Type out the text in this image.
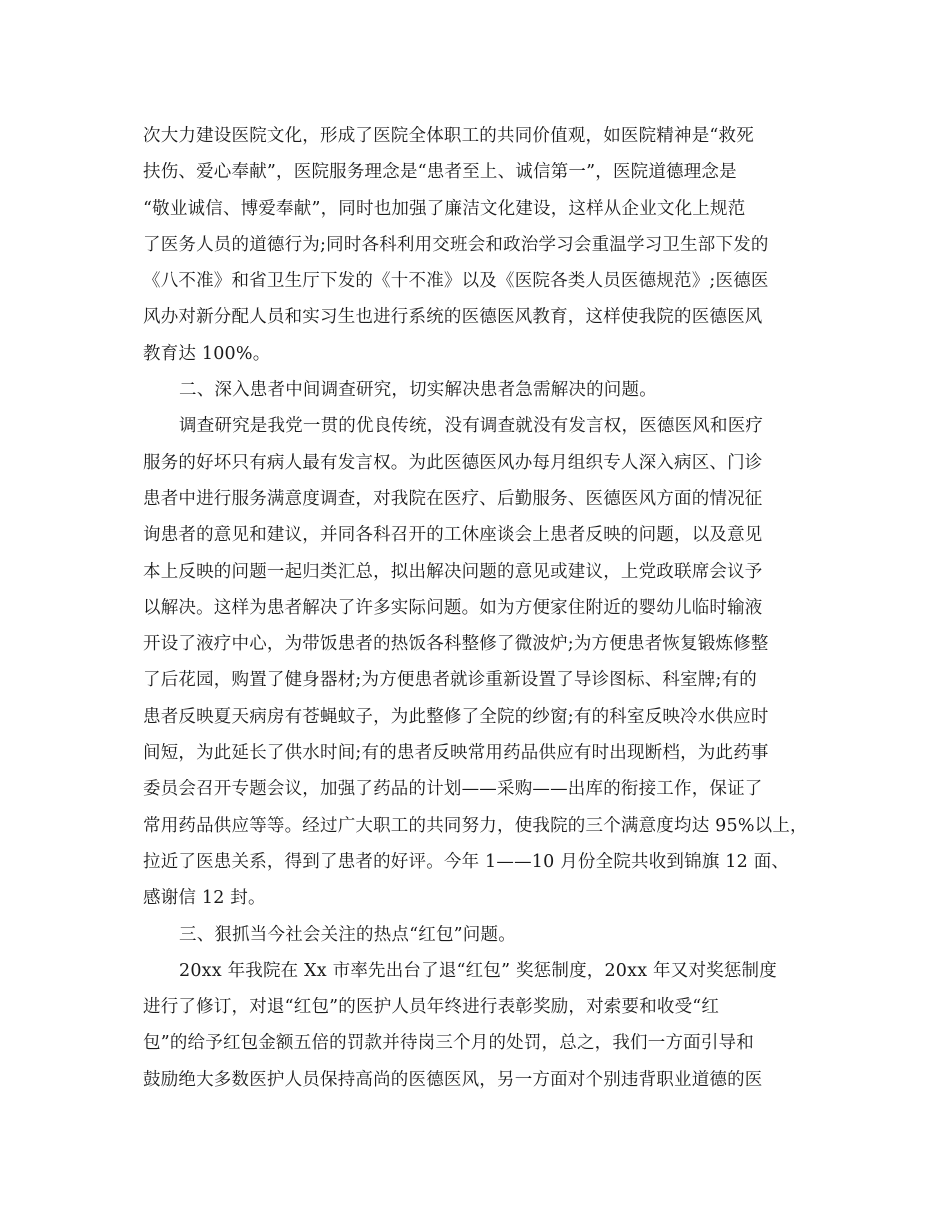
次大力建设医院文化，形成了医院全体职工的共同价值观，如医院精神是“救死
扶伤、爱心奉献”，医院服务理念是“患者至上、诚信第一”，医院道德理念是
“敬业诚信、博爱奉献”，同时也加强了廉洁文化建设，这样从企业文化上规范
了医务人员的道德行为;同时各科利用交班会和政治学习会重温学习卫生部下发的
《八不准》和省卫生厅下发的《十不准》以及《医院各类人员医德规范》;医德医
风办对新分配人员和实习生也进行系统的医德医风教育，这样使我院的医德医风
教育达 100%。
二、深入患者中间调查研究，切实解决患者急需解决的问题。
调查研究是我党一贯的优良传统，没有调查就没有发言权，医德医风和医疗
服务的好坏只有病人最有发言权。为此医德医风办每月组织专人深入病区、门诊
患者中进行服务满意度调查，对我院在医疗、后勤服务、医德医风方面的情况征
询患者的意见和建议，并同各科召开的工休座谈会上患者反映的问题，以及意见
本上反映的问题一起归类汇总，拟出解决问题的意见或建议，上党政联席会议予
以解决。这样为患者解决了许多实际问题。如为方便家住附近的婴幼儿临时输液
开设了液疗中心，为带饭患者的热饭各科整修了微波炉;为方便患者恢复锻炼修整
了后花园，购置了健身器材;为方便患者就诊重新设置了导诊图标、科室牌;有的
患者反映夏天病房有苍蝇蚊子，为此整修了全院的纱窗;有的科室反映冷水供应时
间短，为此延长了供水时间;有的患者反映常用药品供应有时出现断档，为此药事
委员会召开专题会议，加强了药品的计划——采购——出库的衔接工作，保证了
常用药品供应等等。经过广大职工的共同努力，使我院的三个满意度均达 95%以上，
拉近了医患关系，得到了患者的好评。今年 1——10 月份全院共收到锦旗 12 面、
感谢信 12 封。
三、狠抓当今社会关注的热点“红包”问题。
20xx 年我院在 Xx 市率先出台了退“红包” 奖惩制度，20xx 年又对奖惩制度
进行了修订，对退“红包”的医护人员年终进行表彰奖励，对索要和收受“红
包”的给予红包金额五倍的罚款并待岗三个月的处罚，总之，我们一方面引导和
鼓励绝大多数医护人员保持高尚的医德医风，另一方面对个别违背职业道德的医
